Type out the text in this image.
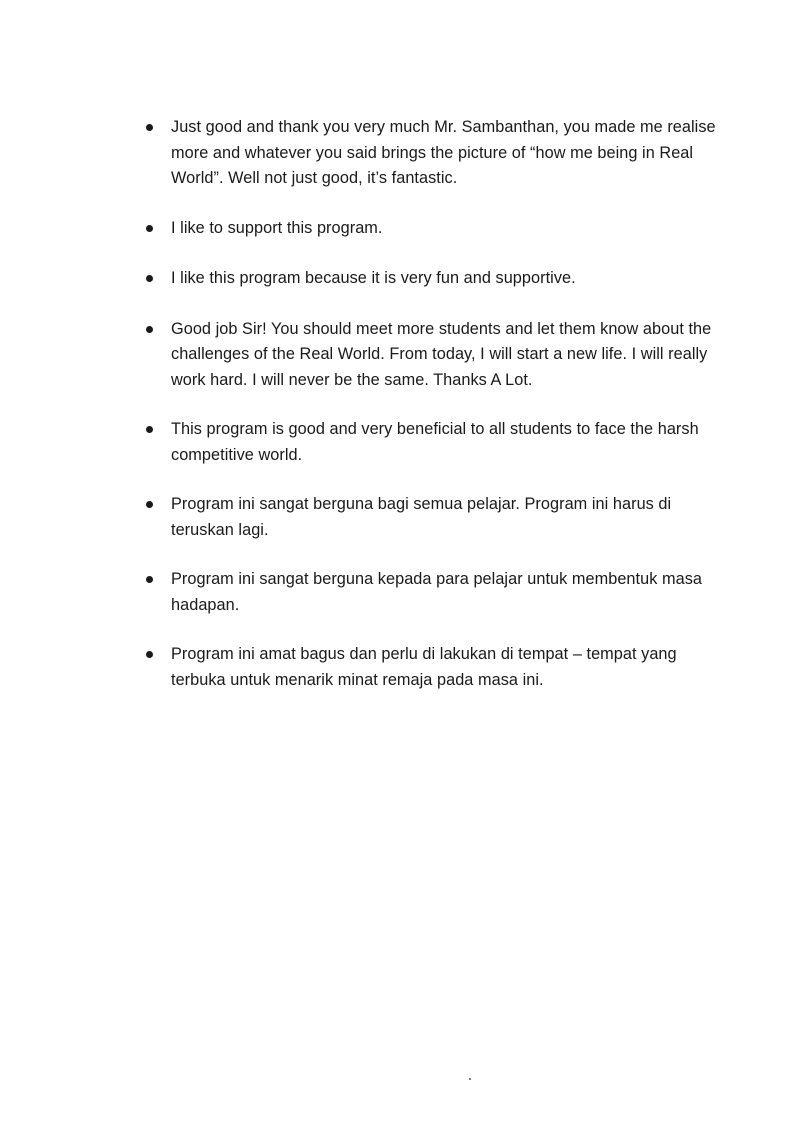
Just good and thank you very much Mr. Sambanthan, you made me realise more and whatever you said brings the picture of “how me being in Real World”. Well not just good, it’s fantastic.
I like to support this program.
I like this program because it is very fun and supportive.
Good job Sir! You should meet more students and let them know about the challenges of the Real World. From today, I will start a new life. I will really work hard. I will never be the same. Thanks A Lot.
This program is good and very beneficial to all students to face the harsh competitive world.
Program ini sangat berguna bagi semua pelajar. Program ini harus di teruskan lagi.
Program ini sangat berguna kepada para pelajar untuk membentuk masa hadapan.
Program ini amat bagus dan perlu di lakukan di tempat – tempat yang terbuka untuk menarik minat remaja pada masa ini.
